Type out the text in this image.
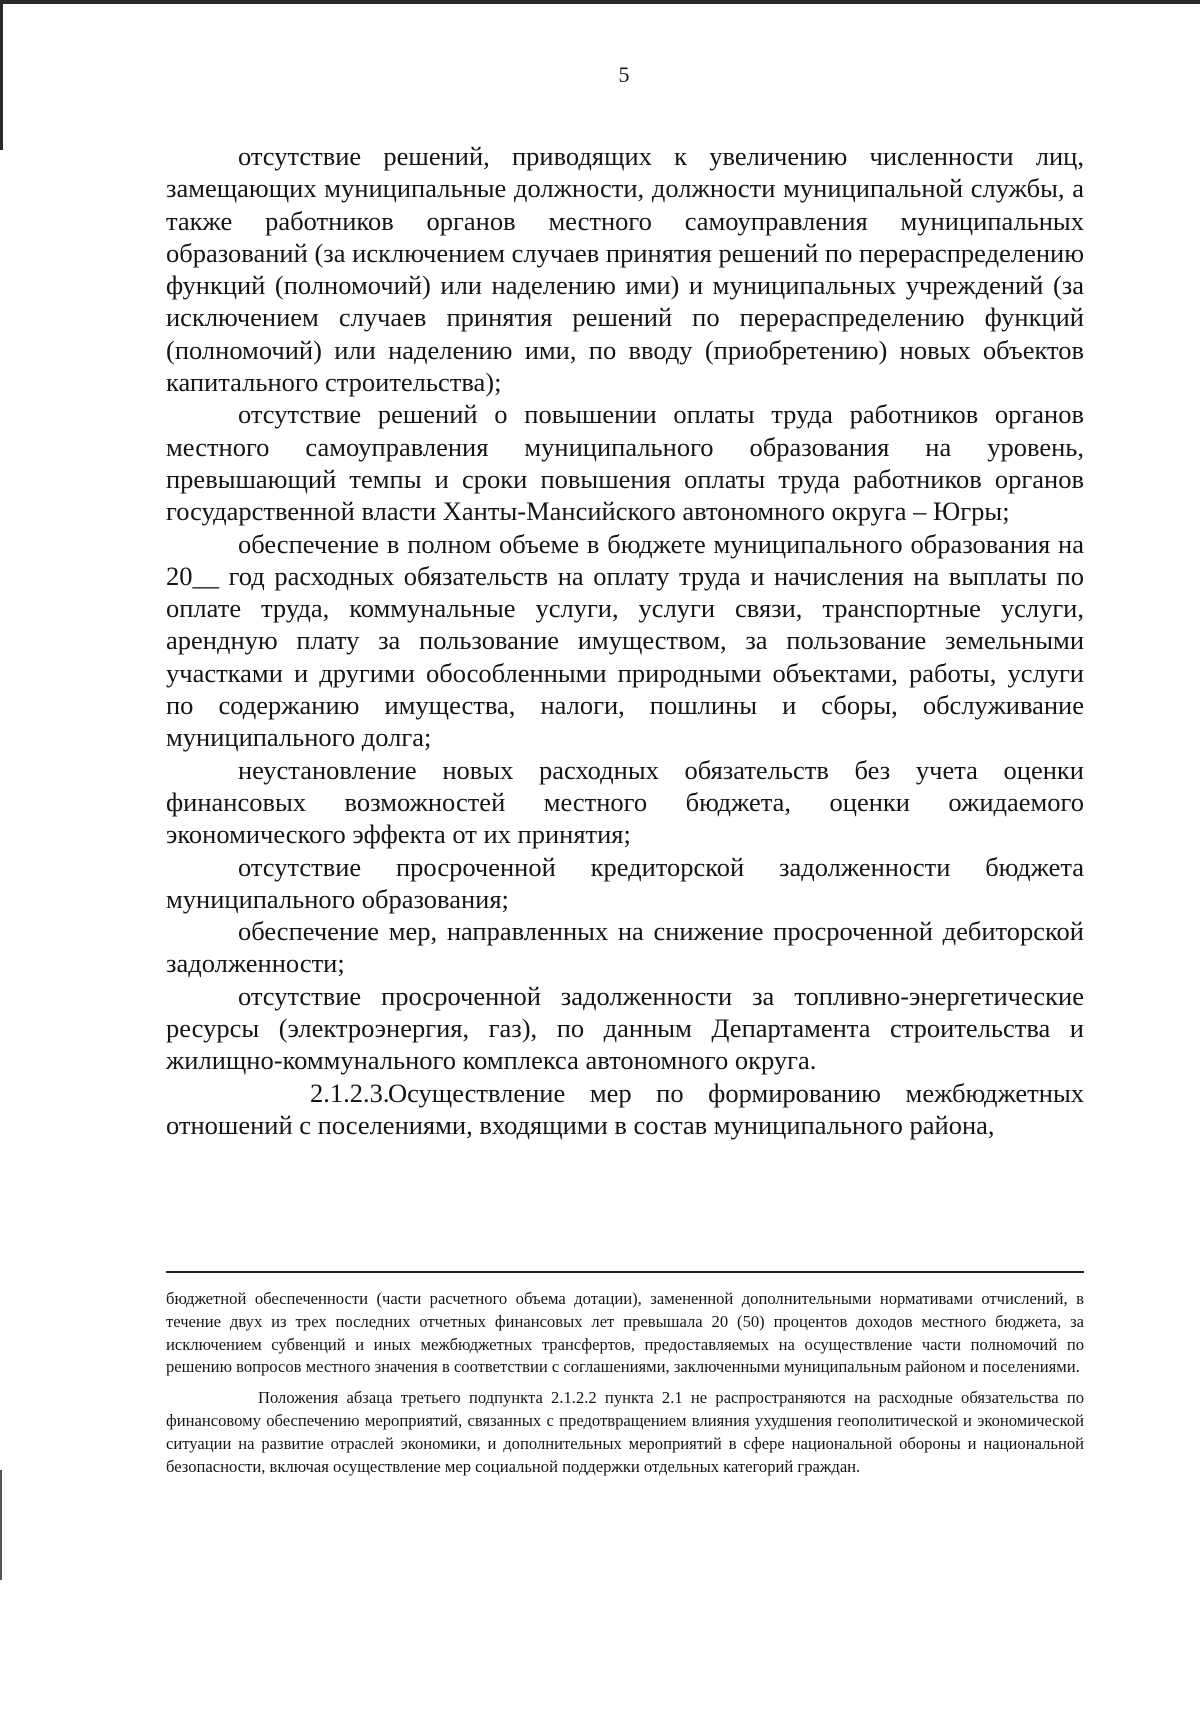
5

отсутствие решений, приводящих к увеличению численности лиц, замещающих муниципальные должности, должности муниципальной службы, а также работников органов местного самоуправления муниципальных образований (за исключением случаев принятия решений по перераспределению функций (полномочий) или наделению ими) и муниципальных учреждений (за исключением случаев принятия решений по перераспределению функций (полномочий) или наделению ими, по вводу (приобретению) новых объектов капитального строительства);

отсутствие решений о повышении оплаты труда работников органов местного самоуправления муниципального образования на уровень, превышающий темпы и сроки повышения оплаты труда работников органов государственной власти Ханты-Мансийского автономного округа – Югры;

обеспечение в полном объеме в бюджете муниципального образования на 20__ год расходных обязательств на оплату труда и начисления на выплаты по оплате труда, коммунальные услуги, услуги связи, транспортные услуги, арендную плату за пользование имуществом, за пользование земельными участками и другими обособленными природными объектами, работы, услуги по содержанию имущества, налоги, пошлины и сборы, обслуживание муниципального долга;

неустановление новых расходных обязательств без учета оценки финансовых возможностей местного бюджета, оценки ожидаемого экономического эффекта от их принятия;

отсутствие просроченной кредиторской задолженности бюджета муниципального образования;

обеспечение мер, направленных на снижение просроченной дебиторской задолженности;

отсутствие просроченной задолженности за топливно-энергетические ресурсы (электроэнергия, газ), по данным Департамента строительства и жилищно-коммунального комплекса автономного округа.

2.1.2.3.Осуществление мер по формированию межбюджетных отношений с поселениями, входящими в состав муниципального района,

бюджетной обеспеченности (части расчетного объема дотации), замененной дополнительными нормативами отчислений, в течение двух из трех последних отчетных финансовых лет превышала 20 (50) процентов доходов местного бюджета, за исключением субвенций и иных межбюджетных трансфертов, предоставляемых на осуществление части полномочий по решению вопросов местного значения в соответствии с соглашениями, заключенными муниципальным районом и поселениями.

Положения абзаца третьего подпункта 2.1.2.2 пункта 2.1 не распространяются на расходные обязательства по финансовому обеспечению мероприятий, связанных с предотвращением влияния ухудшения геополитической и экономической ситуации на развитие отраслей экономики, и дополнительных мероприятий в сфере национальной обороны и национальной безопасности, включая осуществление мер социальной поддержки отдельных категорий граждан.
